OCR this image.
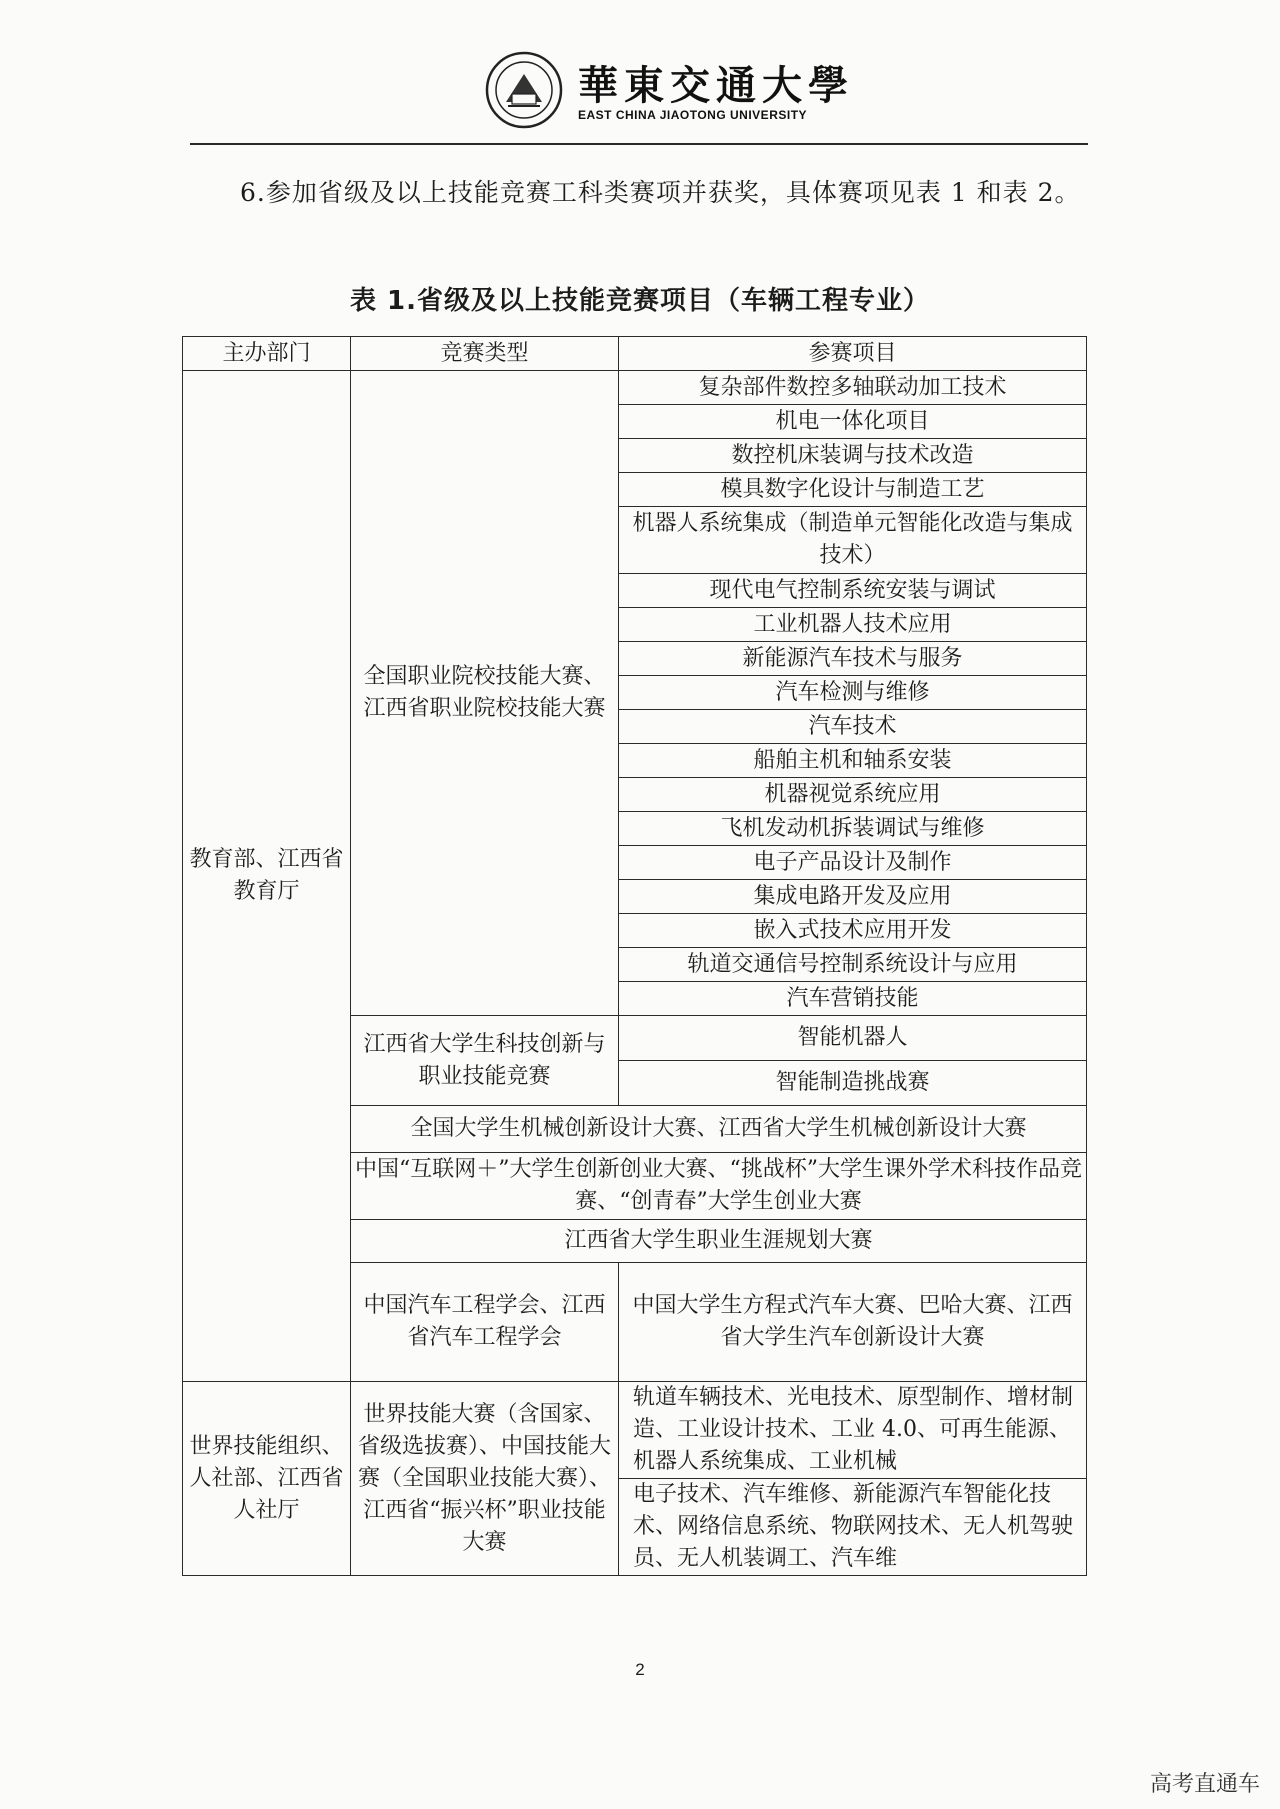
華東交通大學
EAST CHINA JIAOTONG UNIVERSITY
6.参加省级及以上技能竞赛工科类赛项并获奖，具体赛项见表 1 和表 2。
表 1.省级及以上技能竞赛项目（车辆工程专业）
主办部门	竞赛类型	参赛项目
教育部、江西省教育厅	全国职业院校技能大赛、江西省职业院校技能大赛	复杂部件数控多轴联动加工技术
		机电一体化项目
		数控机床装调与技术改造
		模具数字化设计与制造工艺
		机器人系统集成（制造单元智能化改造与集成技术）
		现代电气控制系统安装与调试
		工业机器人技术应用
		新能源汽车技术与服务
		汽车检测与维修
		汽车技术
		船舶主机和轴系安装
		机器视觉系统应用
		飞机发动机拆装调试与维修
		电子产品设计及制作
		集成电路开发及应用
		嵌入式技术应用开发
		轨道交通信号控制系统设计与应用
		汽车营销技能
	江西省大学生科技创新与职业技能竞赛	智能机器人
		智能制造挑战赛
	全国大学生机械创新设计大赛、江西省大学生机械创新设计大赛	
	中国“互联网＋”大学生创新创业大赛、“挑战杯”大学生课外学术科技作品竞赛、“创青春”大学生创业大赛	
	江西省大学生职业生涯规划大赛	
	中国汽车工程学会、江西省汽车工程学会	中国大学生方程式汽车大赛、巴哈大赛、江西省大学生汽车创新设计大赛
世界技能组织、人社部、江西省人社厅	世界技能大赛（含国家、省级选拔赛）、中国技能大赛（全国职业技能大赛）、江西省“振兴杯”职业技能大赛	轨道车辆技术、光电技术、原型制作、增材制造、工业设计技术、工业 4.0、可再生能源、机器人系统集成、工业机械
		电子技术、汽车维修、新能源汽车智能化技术、网络信息系统、物联网技术、无人机驾驶员、无人机装调工、汽车维
2
高考直通车
